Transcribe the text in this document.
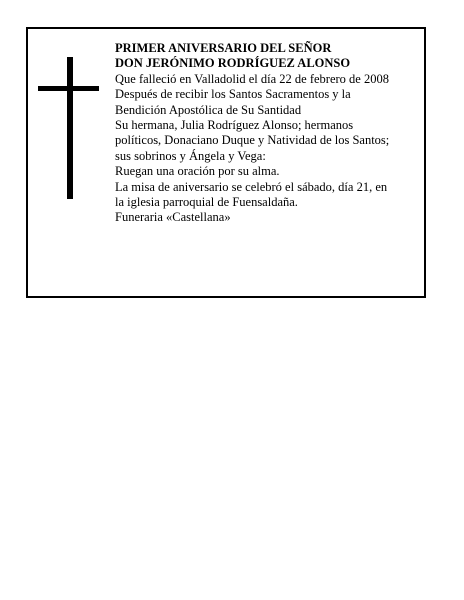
PRIMER ANIVERSARIO DEL SEÑOR
DON JERÓNIMO RODRÍGUEZ ALONSO
Que falleció en Valladolid el día 22 de febrero de 2008
Después de recibir los Santos Sacramentos y la
Bendición Apostólica de Su Santidad
Su hermana, Julia Rodríguez Alonso; hermanos
políticos, Donaciano Duque y Natividad de los Santos;
sus sobrinos y Ángela y Vega:
Ruegan una oración por su alma.
La misa de aniversario se celebró el sábado, día 21, en
la iglesia parroquial de Fuensaldaña.
Funeraria «Castellana»
